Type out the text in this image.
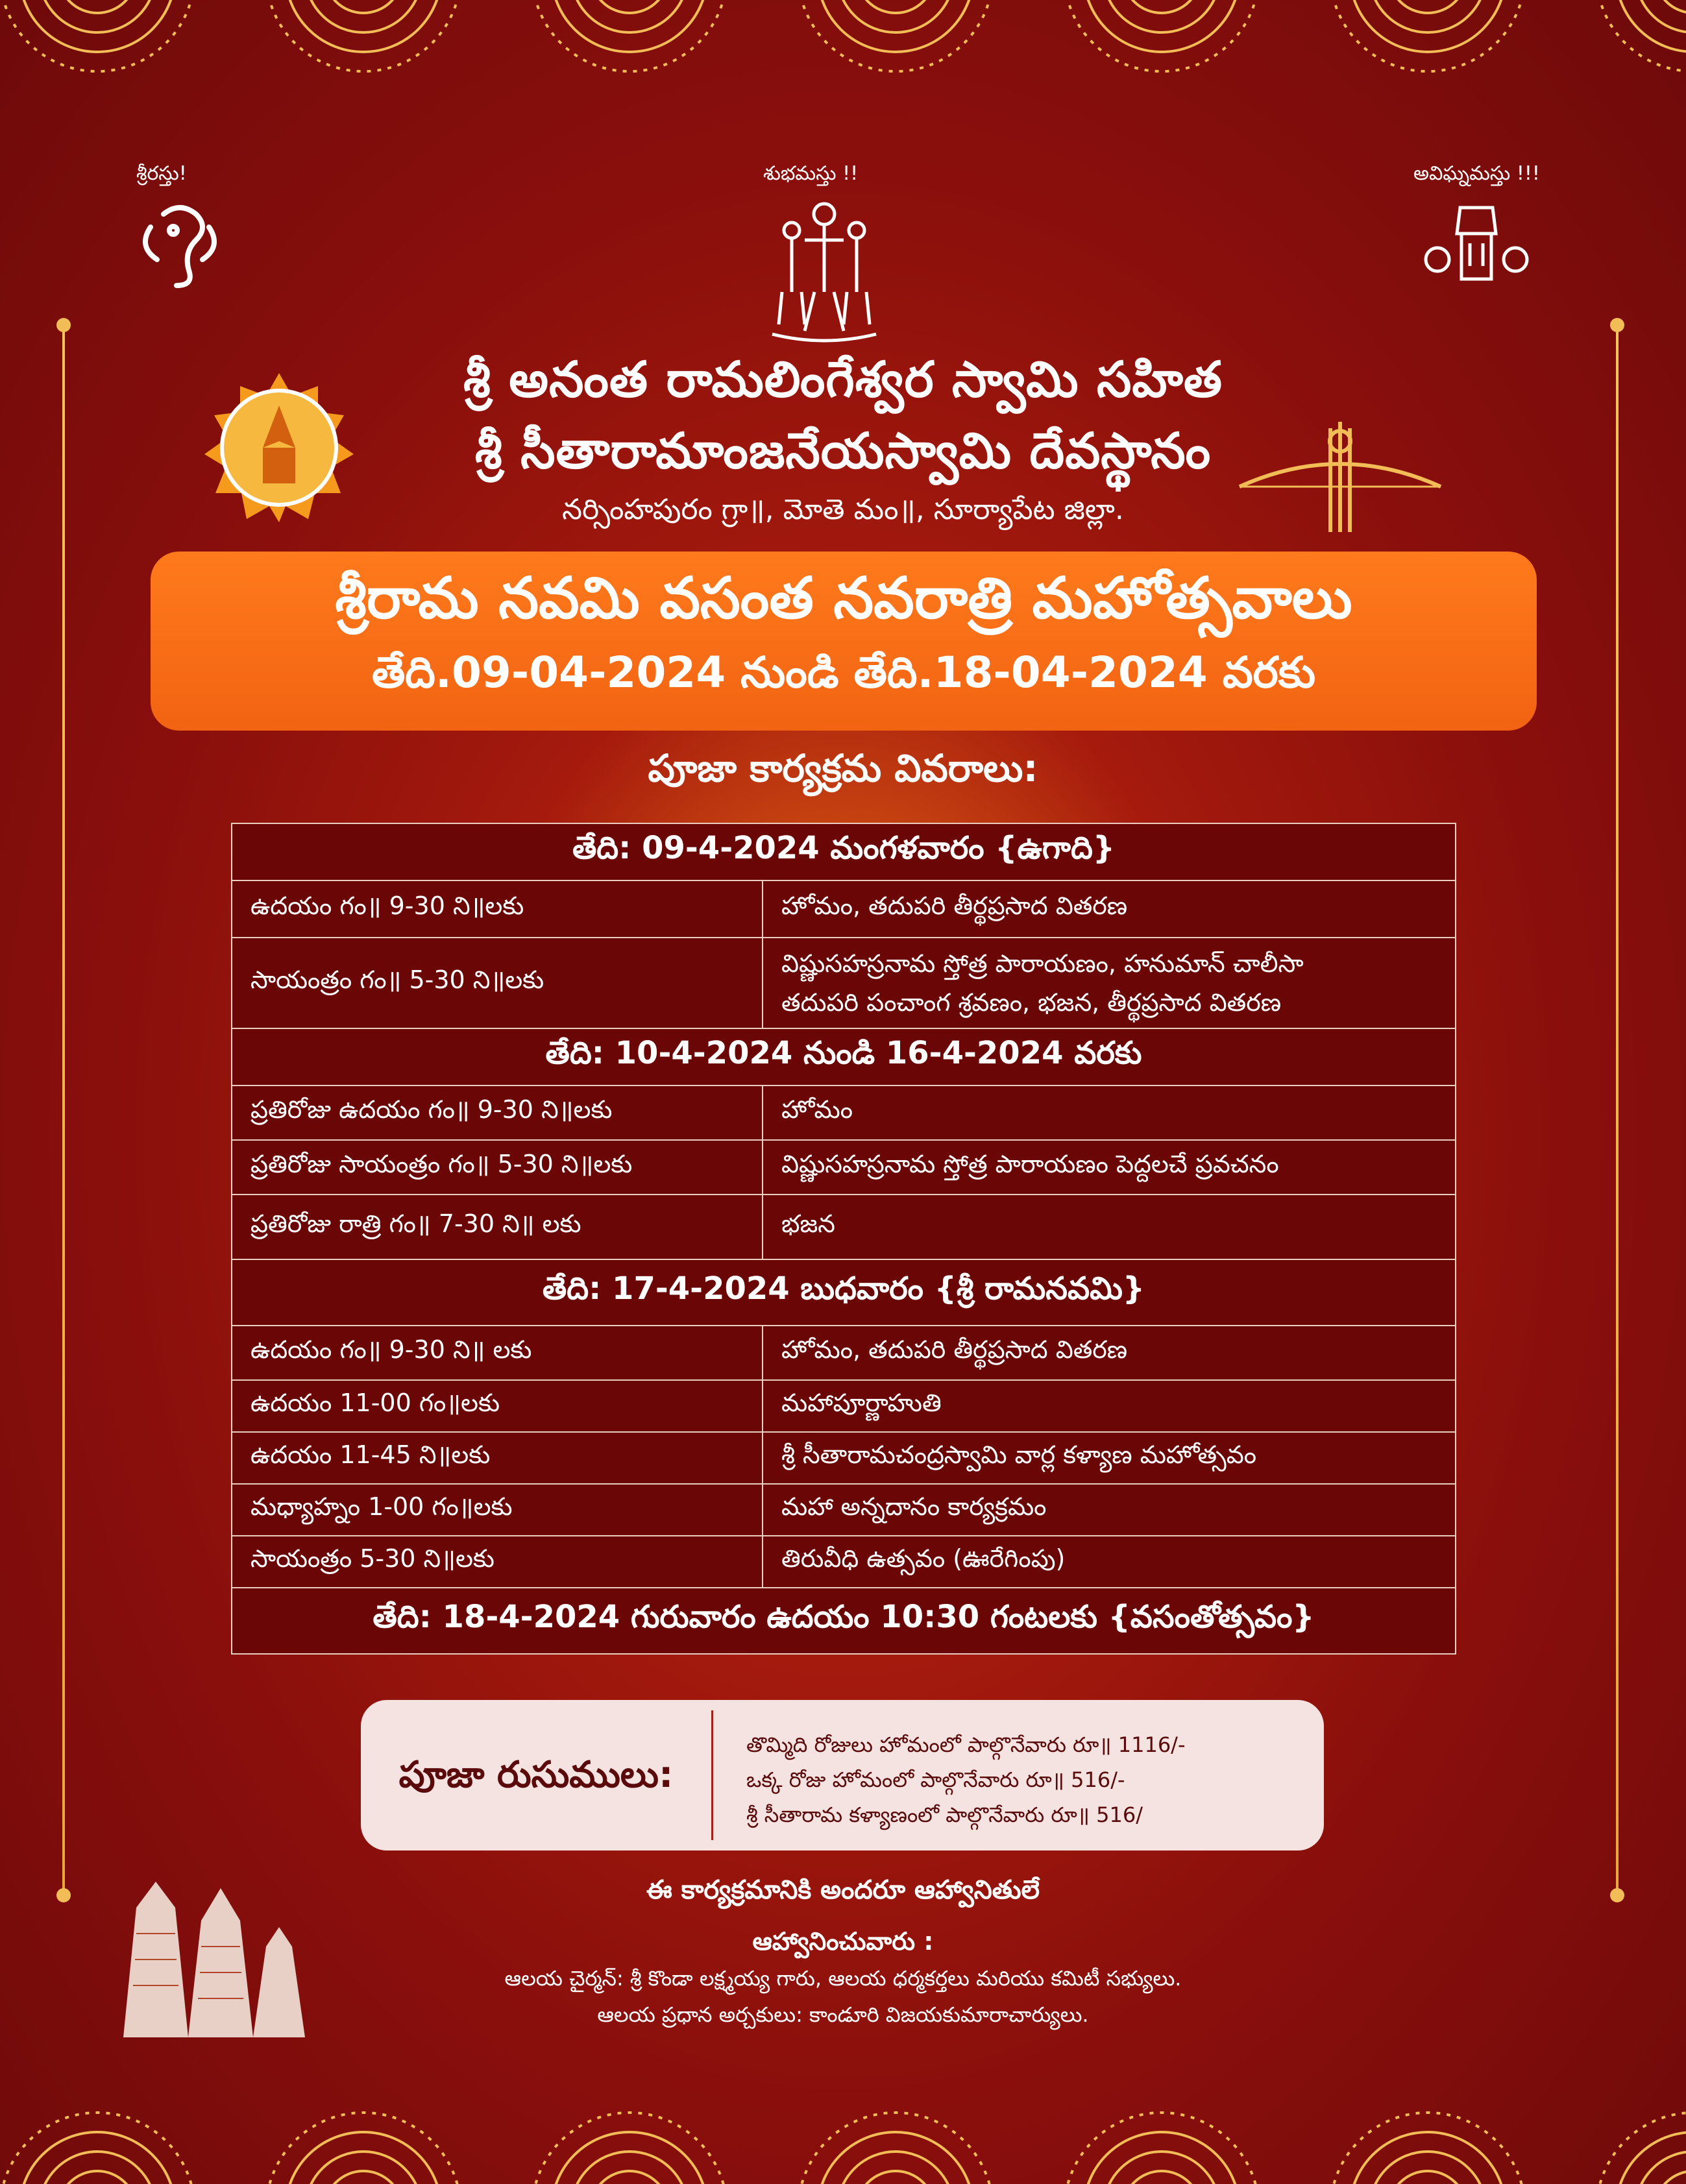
శ్రీరస్తు!	శుభమస్తు !!	అవిఘ్నమస్తు !!!
శ్రీ అనంత రామలింగేశ్వర స్వామి సహిత
శ్రీ సీతారామాంజనేయస్వామి దేవస్థానం
నర్సింహపురం గ్రా॥, మోతె మం॥, సూర్యాపేట జిల్లా.
శ్రీరామ నవమి వసంత నవరాత్రి మహోత్సవాలు
తేది.09-04-2024 నుండి తేది.18-04-2024 వరకు
పూజా కార్యక్రమ వివరాలు:
తేది: 09-4-2024 మంగళవారం {ఉగాది}	
ఉదయం గం॥ 9-30 ని॥లకు	హోమం, తదుపరి తీర్థప్రసాద వితరణ
సాయంత్రం గం॥ 5-30 ని॥లకు	విష్ణుసహస్రనామ స్తోత్ర పారాయణం, హనుమాన్ చాలీసా
తదుపరి పంచాంగ శ్రవణం, భజన, తీర్థప్రసాద వితరణ

తేది: 10-4-2024 నుండి 16-4-2024 వరకు	
ప్రతిరోజు ఉదయం గం॥ 9-30 ని॥లకు	హోమం
ప్రతిరోజు సాయంత్రం గం॥ 5-30 ని॥లకు	విష్ణుసహస్రనామ స్తోత్ర పారాయణం పెద్దలచే ప్రవచనం
ప్రతిరోజు రాత్రి గం॥ 7-30 ని॥ లకు	భజన
తేది: 17-4-2024 బుధవారం {శ్రీ రామనవమి}	
ఉదయం గం॥ 9-30 ని॥ లకు	హోమం, తదుపరి తీర్థప్రసాద వితరణ
ఉదయం 11-00 గం॥లకు	మహాపూర్ణాహుతి
ఉదయం 11-45 ని॥లకు	శ్రీ సీతారామచంద్రస్వామి వార్ల కళ్యాణ మహోత్సవం
మధ్యాహ్నం 1-00 గం॥లకు	మహా అన్నదానం కార్యక్రమం
సాయంత్రం 5-30 ని॥లకు	తిరువీధి ఉత్సవం (ఊరేగింపు)
తేది: 18-4-2024 గురువారం ఉదయం 10:30 గంటలకు {వసంతోత్సవం}	
పూజా రుసుములు:
తొమ్మిది రోజులు హోమంలో పాల్గొనేవారు రూ॥ 1116/-
ఒక్క రోజు హోమంలో పాల్గొనేవారు రూ॥ 516/-
శ్రీ సీతారామ కళ్యాణంలో పాల్గొనేవారు రూ॥ 516/
ఈ కార్యక్రమానికి అందరూ ఆహ్వానితులే
ఆహ్వానించువారు :
ఆలయ చైర్మన్: శ్రీ కొండా లక్ష్మయ్య గారు, ఆలయ ధర్మకర్తలు మరియు కమిటీ సభ్యులు.
ఆలయ ప్రధాన అర్చకులు: కాండూరి విజయకుమారాచార్యులు.
